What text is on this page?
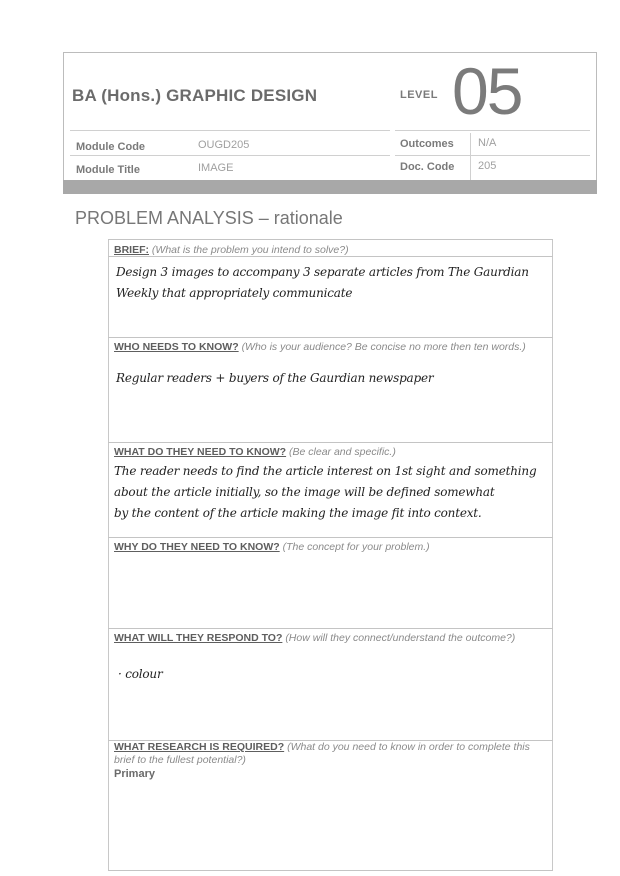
BA (Hons.) GRAPHIC DESIGN	LEVEL 05
Module Code	OUGD205	Outcomes N/A
Module Title	IMAGE	Doc. Code 205
PROBLEM ANALYSIS – rationale
BRIEF: (What is the problem you intend to solve?)
Design 3 images to accompany 3 separate articles from The Gaurdian
Weekly that appropriately communicate
WHO NEEDS TO KNOW? (Who is your audience? Be concise no more then ten words.)
Regular readers + buyers of the Gaurdian newspaper
WHAT DO THEY NEED TO KNOW? (Be clear and specific.)
The reader needs to find the article interest on 1st sight and something
about the article initially, so the image will be defined somewhat
by the content of the article making the image fit into context.
WHY DO THEY NEED TO KNOW? (The concept for your problem.)
WHAT WILL THEY RESPOND TO? (How will they connect/understand the outcome?)
· colour
WHAT RESEARCH IS REQUIRED? (What do you need to know in order to complete this brief to the fullest potential?)
Primary
